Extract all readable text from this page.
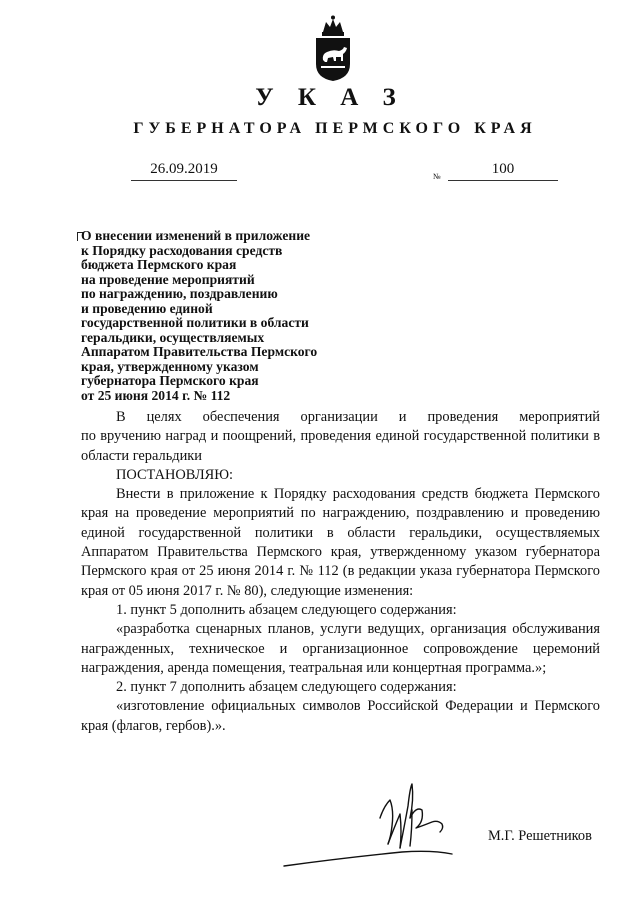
У К А З
ГУБЕРНАТОРА ПЕРМСКОГО КРАЯ
26.09.2019	№	100
О внесении изменений в приложение
к Порядку расходования средств
бюджета Пермского края
на проведение мероприятий
по награждению, поздравлению
и проведению единой
государственной политики в области
геральдики, осуществляемых
Аппаратом Правительства Пермского
края, утвержденному указом
губернатора Пермского края
от 25 июня 2014 г. № 112

В целях обеспечения организации и проведения мероприятий

по вручению наград и поощрений, проведения единой государственной политики в области геральдики

ПОСТАНОВЛЯЮ:

Внести в приложение к Порядку расходования средств бюджета Пермского края на проведение мероприятий по награждению, поздравлению и проведению единой государственной политики в области геральдики, осуществляемых Аппаратом Правительства Пермского края, утвержденному указом губернатора Пермского края от 25 июня 2014 г. № 112 (в редакции указа губернатора Пермского края от 05 июня 2017 г. № 80), следующие изменения:

1. пункт 5 дополнить абзацем следующего содержания:

«разработка сценарных планов, услуги ведущих, организация обслуживания награжденных, техническое и организационное сопровождение церемоний награждения, аренда помещения, театральная или концертная программа.»;

2. пункт 7 дополнить абзацем следующего содержания:

«изготовление официальных символов Российской Федерации и Пермского края (флагов, гербов).».

М.Г. Решетников
